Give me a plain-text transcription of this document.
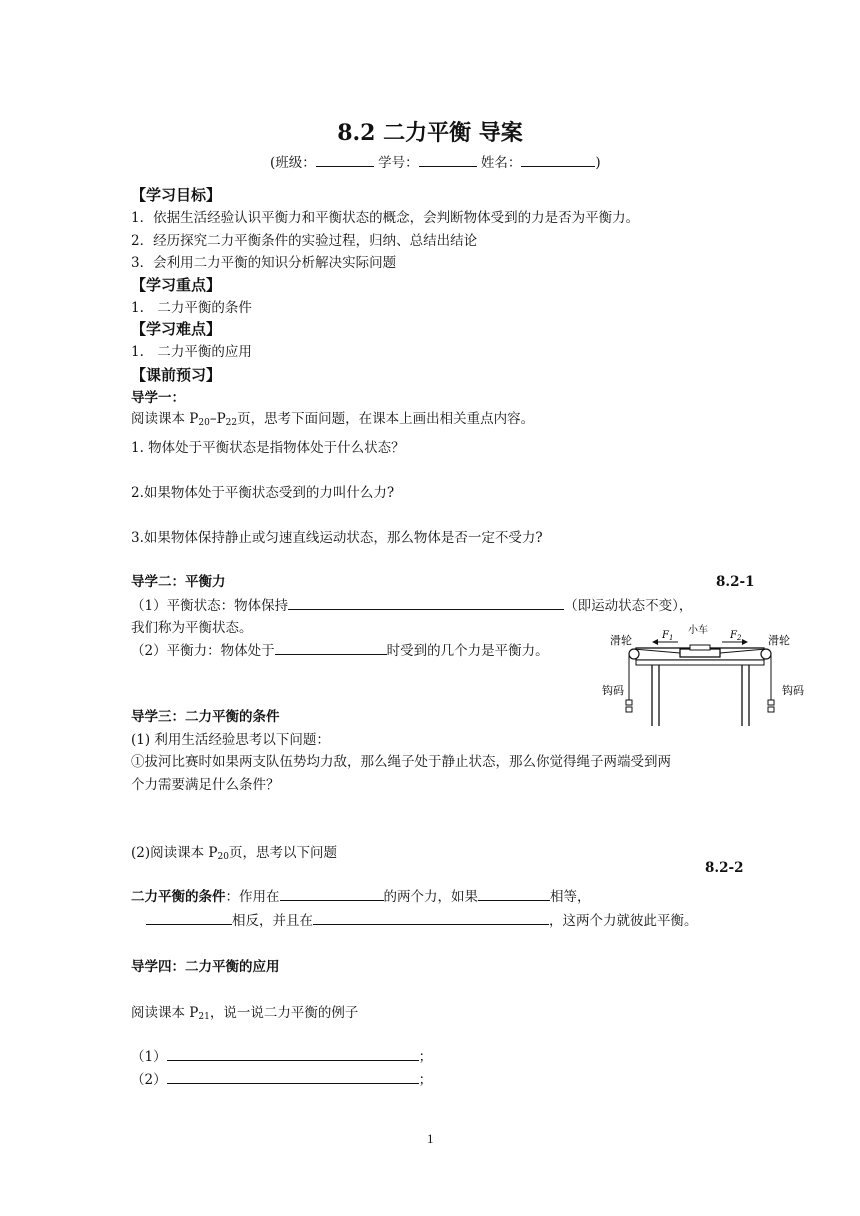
8.2 二力平衡 导案
(班级：	学号：	姓名：	)
【学习目标】
1．依据生活经验认识平衡力和平衡状态的概念，会判断物体受到的力是否为平衡力。
2．经历探究二力平衡条件的实验过程，归纳、总结出结论
3．会利用二力平衡的知识分析解决实际问题
【学习重点】
1.　二力平衡的条件
【学习难点】
1.　二力平衡的应用
【课前预习】
导学一：
阅读课本 $P_{20}-P_{22}$页，思考下面问题，在课本上画出相关重点内容。
1. 物体处于平衡状态是指物体处于什么状态？
2.如果物体处于平衡状态受到的力叫什么力?
3.如果物体保持静止或匀速直线运动状态，那么物体是否一定不受力?
导学二：平衡力	8.2-1
（1）平衡状态：物体保持	（即运动状态不变），
我们称为平衡状态。
（2）平衡力：物体处于	时受到的几个力是平衡力。
滑轮	滑轮
小车
$F_1$	$F_2$
钩码	钩码
导学三：二力平衡的条件
(1) 利用生活经验思考以下问题：
①拔河比赛时如果两支队伍势均力敌，那么绳子处于静止状态，那么你觉得绳子两端受到两
个力需要满足什么条件？
(2)阅读课本 $P_{20}$页，思考以下问题
8.2-2
二力平衡的条件：作用在	的两个力，如果	相等，
相反，并且在	，这两个力就彼此平衡。
导学四：二力平衡的应用
阅读课本 $P_{21}$，说一说二力平衡的例子
（1）	；
（2）	；
1
